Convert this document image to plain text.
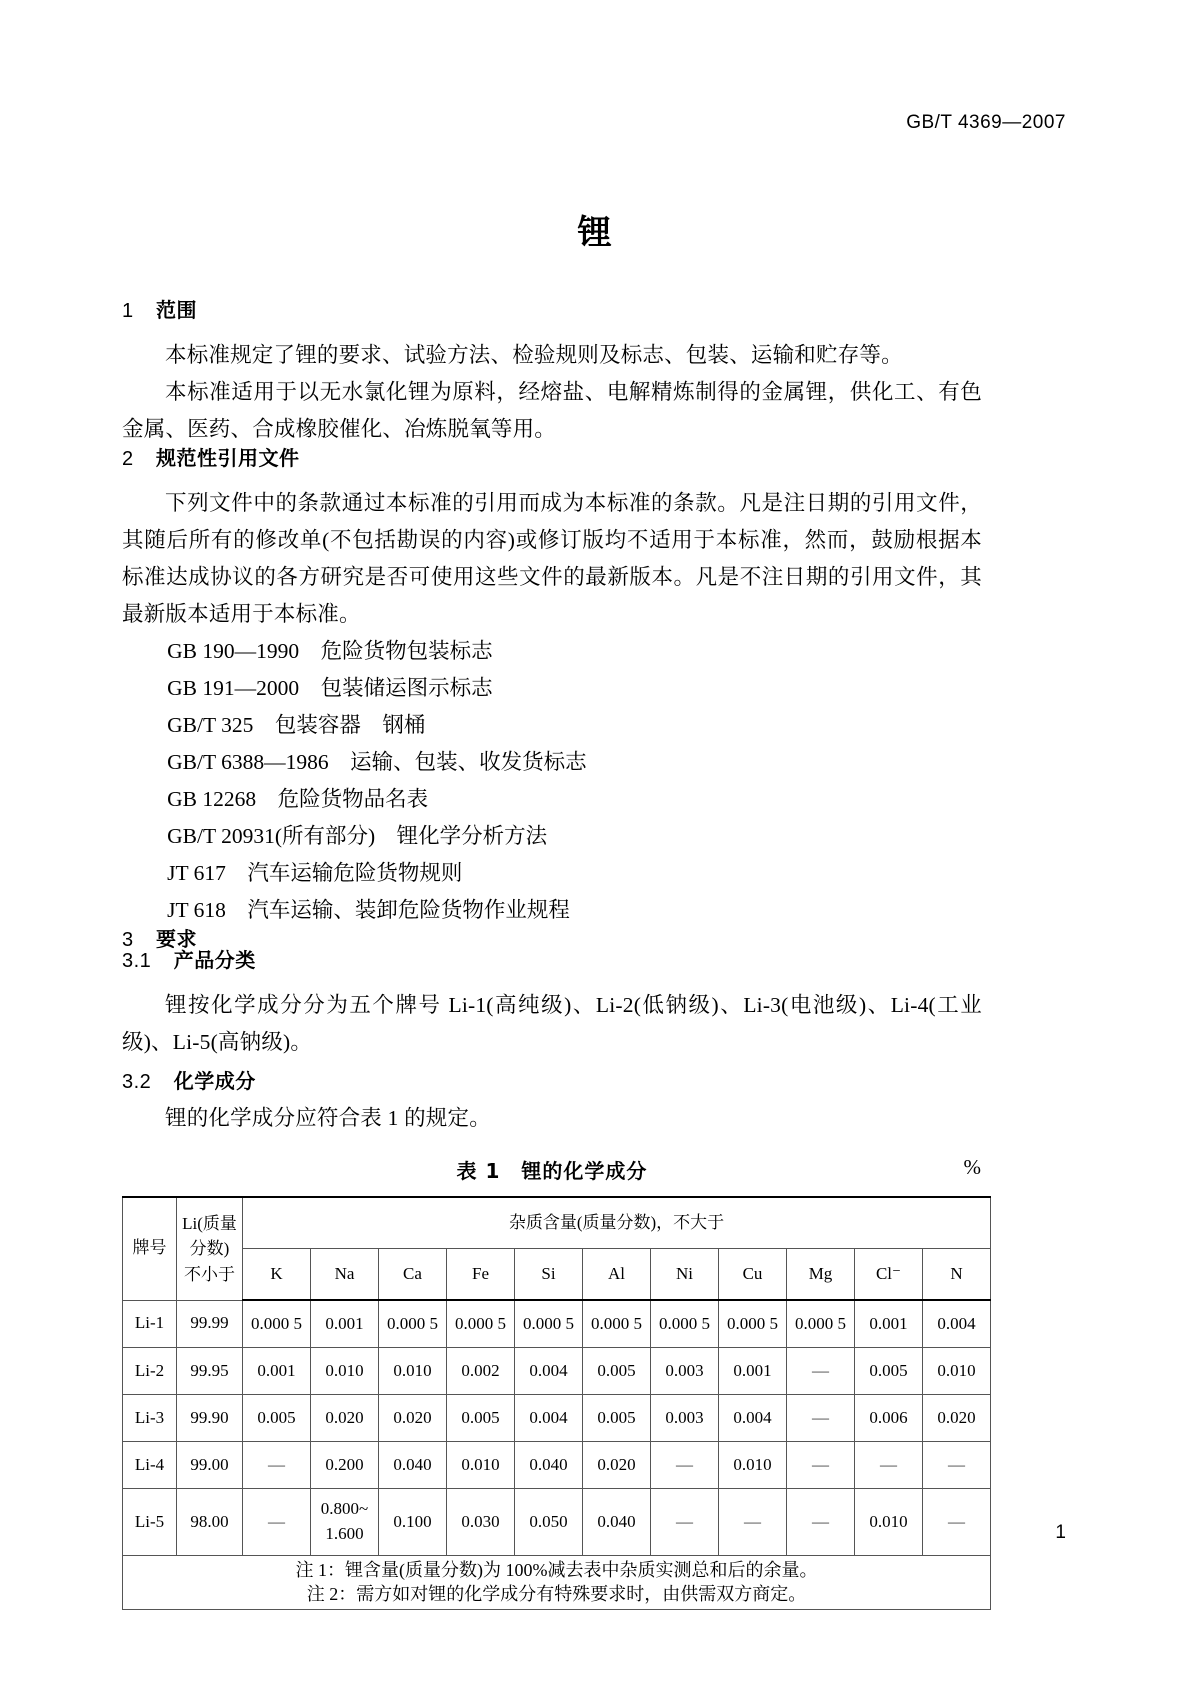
GB/T 4369—2007
锂
1 范围

本标准规定了锂的要求、试验方法、检验规则及标志、包装、运输和贮存等。

本标准适用于以无水氯化锂为原料，经熔盐、电解精炼制得的金属锂，供化工、有色金属、医药、合成橡胶催化、冶炼脱氧等用。

2 规范性引用文件

下列文件中的条款通过本标准的引用而成为本标准的条款。凡是注日期的引用文件，其随后所有的修改单(不包括勘误的内容)或修订版均不适用于本标准，然而，鼓励根据本标准达成协议的各方研究是否可使用这些文件的最新版本。凡是不注日期的引用文件，其最新版本适用于本标准。

GB 190—1990 危险货物包装标志
GB 191—2000 包装储运图示标志
GB/T 325 包装容器　钢桶
GB/T 6388—1986 运输、包装、收发货标志
GB 12268 危险货物品名表
GB/T 20931(所有部分) 锂化学分析方法
JT 617 汽车运输危险货物规则
JT 618 汽车运输、装卸危险货物作业规程
3 要求
3.1 产品分类

锂按化学成分分为五个牌号 Li-1(高纯级)、Li-2(低钠级)、Li-3(电池级)、Li-4(工业级)、Li-5(高钠级)。

3.2 化学成分

锂的化学成分应符合表 1 的规定。

表 1　锂的化学成分	%
牌号	Li(质量
分数)
不小于	杂质含量(质量分数)，不大于										
		K	Na	Ca	Fe	Si	Al	Ni	Cu	Mg	Cl⁻	N
Li-1	99.99	0.000 5	0.001	0.000 5	0.000 5	0.000 5	0.000 5	0.000 5	0.000 5	0.000 5	0.001	0.004
Li-2	99.95	0.001	0.010	0.010	0.002	0.004	0.005	0.003	0.001	—	0.005	0.010
Li-3	99.90	0.005	0.020	0.020	0.005	0.004	0.005	0.003	0.004	—	0.006	0.020
Li-4	99.00	—	0.200	0.040	0.010	0.040	0.020	—	0.010	—	—	—
Li-5	98.00	—	0.800~
1.600	0.100	0.030	0.050	0.040	—	—	—	0.010	—

注 1：锂含量(质量分数)为 100%减去表中杂质实测总和后的余量。
注 2：需方如对锂的化学成分有特殊要求时，由供需双方商定。												
1
